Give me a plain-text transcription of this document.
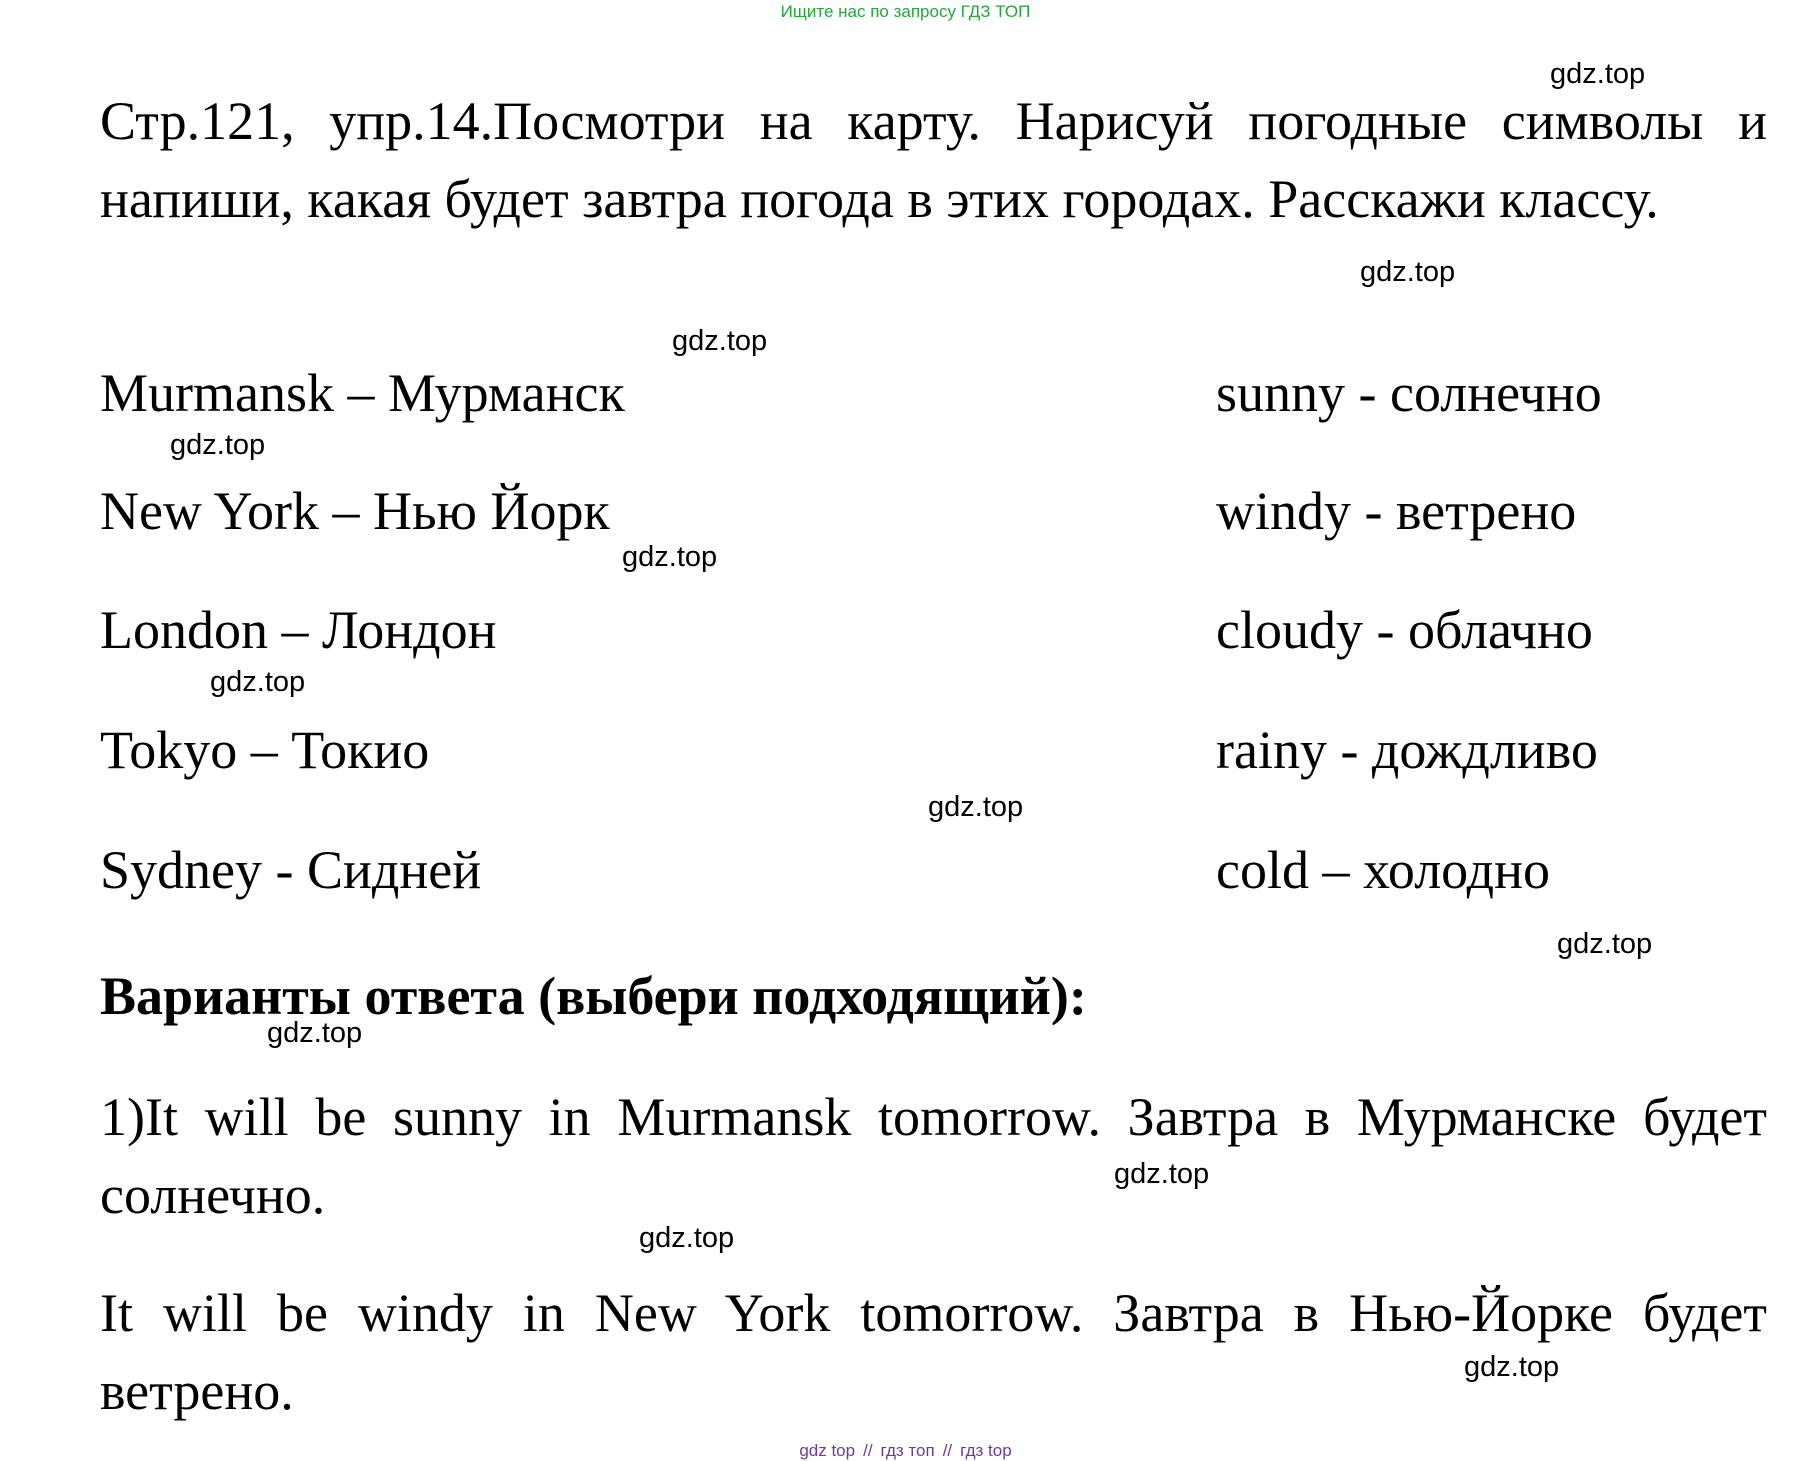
Ищите нас по запросу ГДЗ ТОП
Стр.121, упр.14.Посмотри на карту. Нарисуй погодные символы и напиши, какая будет завтра погода в этих городах. Расскажи классу.
Murmansk – Мурманск
New York – Нью Йорк
London – Лондон
Tokyo – Токио
Sydney - Сидней
sunny - солнечно
windy - ветрено
cloudy - облачно
rainy - дождливо
cold – холодно
Варианты ответа (выбери подходящий):
1)It will be sunny in Murmansk tomorrow. Завтра в Мурманске будет солнечно.
It will be windy in New York tomorrow. Завтра в Нью-Йорке будет ветрено.
gdz.top
gdz.top
gdz.top
gdz.top
gdz.top
gdz.top
gdz.top
gdz.top
gdz.top
gdz.top
gdz.top
gdz.top
gdz top // гдз топ // гдз top
